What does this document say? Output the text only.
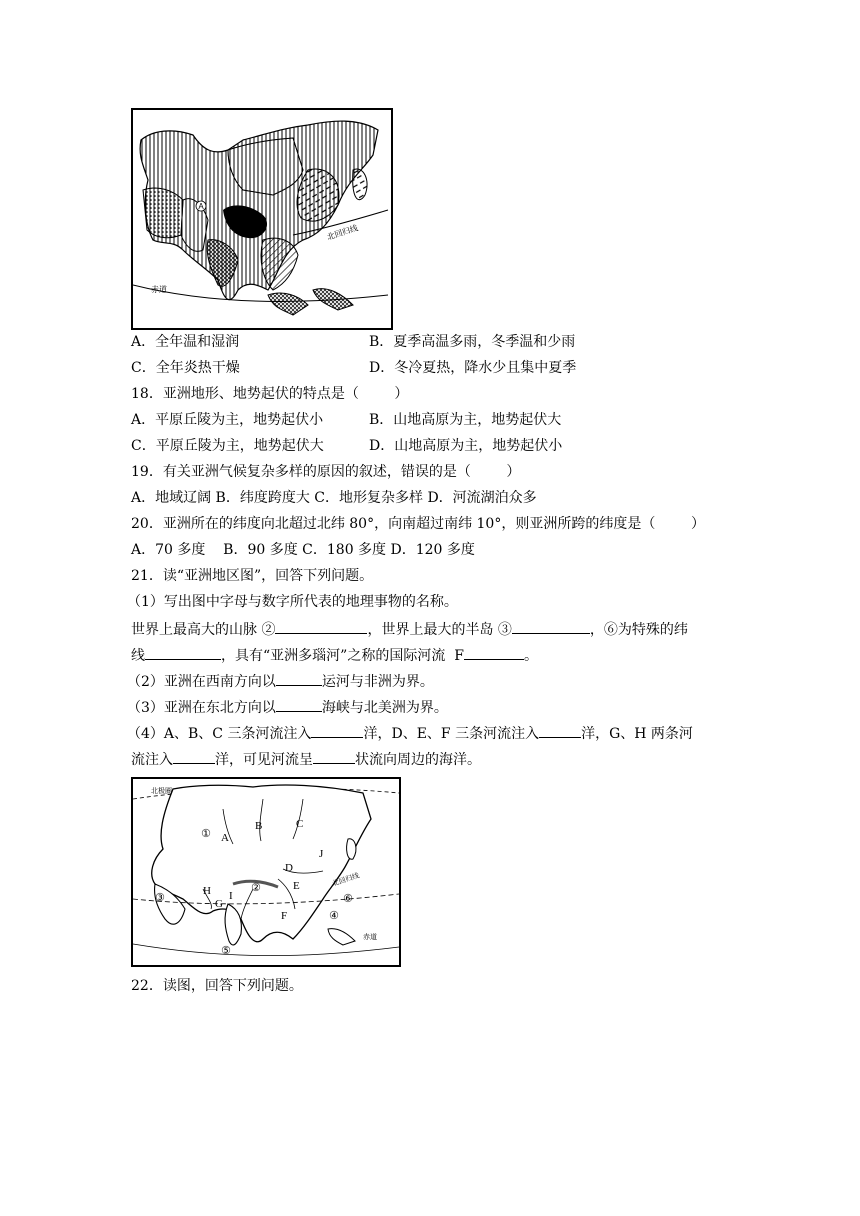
A
北回归线
赤道
A．全年温和湿润	B．夏季高温多雨，冬季温和少雨
C．全年炎热干燥	D．冬冷夏热，降水少且集中夏季
18．亚洲地形、地势起伏的特点是（        ）
A．平原丘陵为主，地势起伏小	B．山地高原为主，地势起伏大
C．平原丘陵为主，地势起伏大	D．山地高原为主，地势起伏小
19．有关亚洲气候复杂多样的原因的叙述，错误的是（        ）
A．地域辽阔 B．纬度跨度大 C．地形复杂多样 D．河流湖泊众多
20．亚洲所在的纬度向北超过北纬 80°，向南超过南纬 10°，则亚洲所跨的纬度是（        ）
A．70 多度    B．90 多度 C．180 多度 D．120 多度
21．读“亚洲地区图”，回答下列问题。
（1）写出图中字母与数字所代表的地理事物的名称。
世界上最高大的山脉 ②	，世界上最大的半岛 ③	，⑥为特殊的纬
线	，具有“亚洲多瑙河”之称的国际河流  F	。
（2）亚洲在西南方向以	运河与非洲为界。
（3）亚洲在东北方向以	海峡与北美洲为界。
（4）A、B、C 三条河流注入	洋，D、E、F 三条河流注入	洋，G、H 两条河
流注入	洋，可见河流呈	状流向周边的海洋。
北极圈
北回归线
赤道
A
B	C
D
E
F
G
H I
J
①
②
③
④
⑤
⑥
22．读图，回答下列问题。
